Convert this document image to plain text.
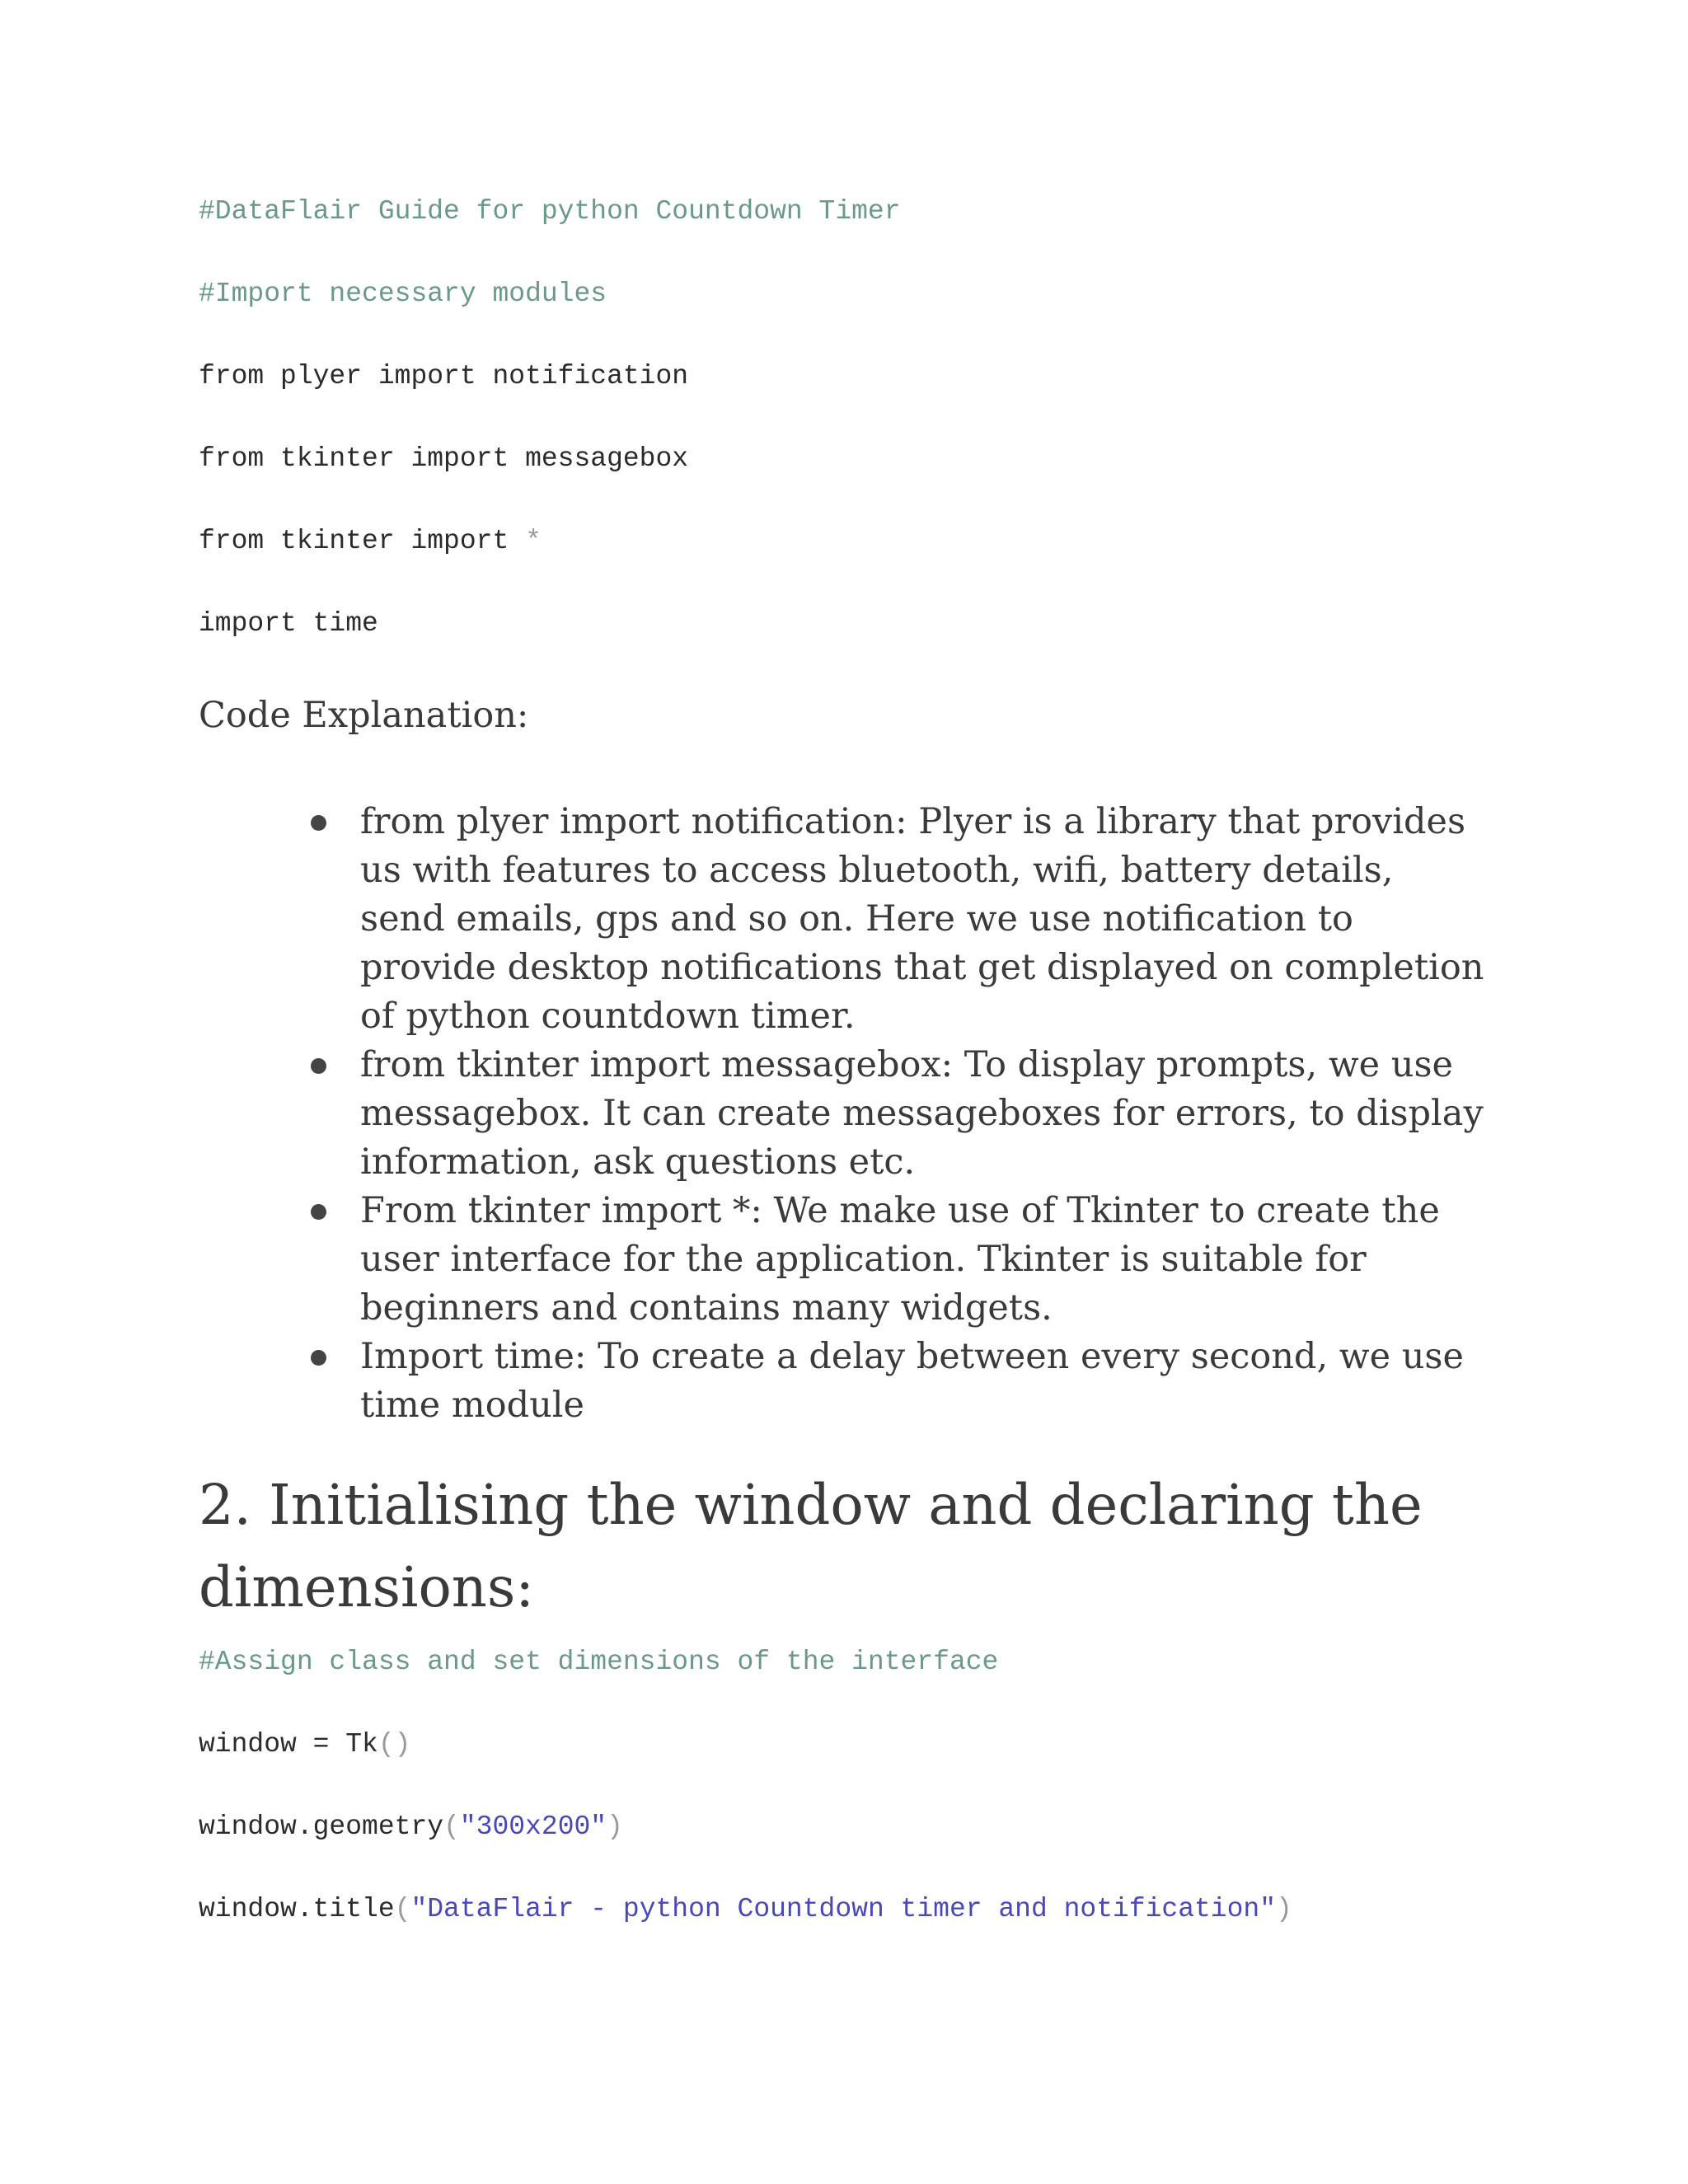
#DataFlair Guide for python Countdown Timer
#Import necessary modules
from plyer import notification
from tkinter import messagebox
from tkinter import *
import time

Code Explanation:

from plyer import notification: Plyer is a library that provides us with features to access bluetooth, wifi, battery details, send emails, gps and so on. Here we use notification to provide desktop notifications that get displayed on completion of python countdown timer.
from tkinter import messagebox: To display prompts, we use messagebox. It can create messageboxes for errors, to display information, ask questions etc.
From tkinter import *: We make use of Tkinter to create the user interface for the application. Tkinter is suitable for beginners and contains many widgets.
Import time: To create a delay between every second, we use time module
2. Initialising the window and declaring the dimensions:
#Assign class and set dimensions of the interface
window = Tk()
window.geometry("300x200")
window.title("DataFlair - python Countdown timer and notification")
